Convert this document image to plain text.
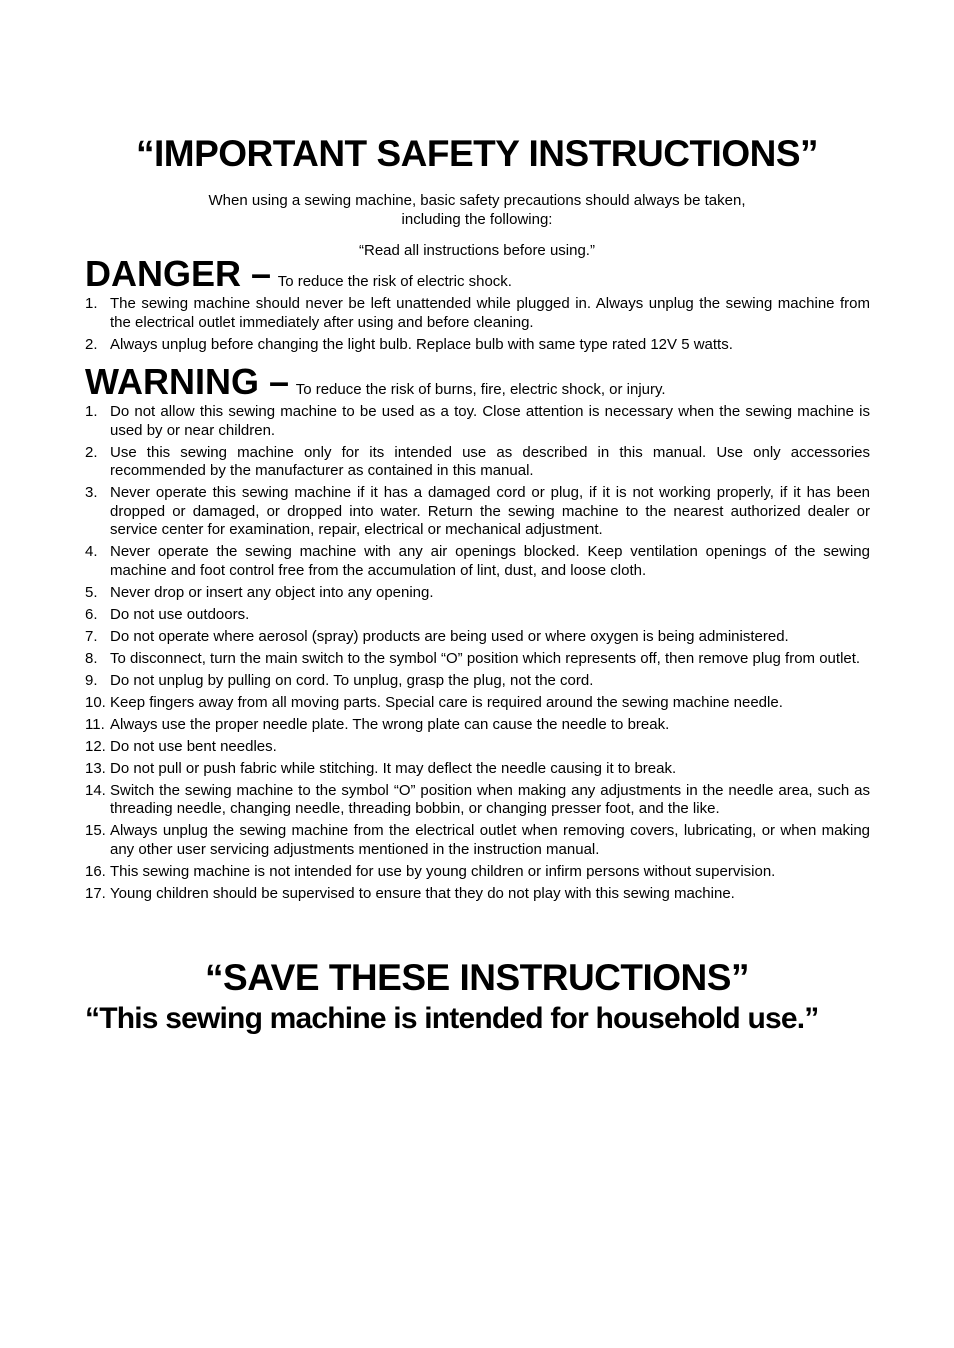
“IMPORTANT SAFETY INSTRUCTIONS”

When using a sewing machine, basic safety precautions should always be taken,

including the following:

“Read all instructions before using.”

DANGER – To reduce the risk of electric shock.
1. The sewing machine should never be left unattended while plugged in. Always unplug the sewing machine from the electrical outlet immediately after using and before cleaning.
2. Always unplug before changing the light bulb. Replace bulb with same type rated 12V 5 watts.
WARNING – To reduce the risk of burns, fire, electric shock, or injury.
1. Do not allow this sewing machine to be used as a toy. Close attention is necessary when the sewing machine is used by or near children.
2. Use this sewing machine only for its intended use as described in this manual. Use only accessories recommended by the manufacturer as contained in this manual.
3. Never operate this sewing machine if it has a damaged cord or plug, if it is not working properly, if it has been dropped or damaged, or dropped into water. Return the sewing machine to the nearest authorized dealer or service center for examination, repair, electrical or mechanical adjustment.
4. Never operate the sewing machine with any air openings blocked. Keep ventilation openings of the sewing machine and foot control free from the accumulation of lint, dust, and loose cloth.
5. Never drop or insert any object into any opening.
6. Do not use outdoors.
7. Do not operate where aerosol (spray) products are being used or where oxygen is being administered.
8. To disconnect, turn the main switch to the symbol “O” position which represents off, then remove plug from outlet.
9. Do not unplug by pulling on cord. To unplug, grasp the plug, not the cord.
10. Keep fingers away from all moving parts. Special care is required around the sewing machine needle.
11. Always use the proper needle plate. The wrong plate can cause the needle to break.
12. Do not use bent needles.
13. Do not pull or push fabric while stitching. It may deflect the needle causing it to break.
14. Switch the sewing machine to the symbol “O” position when making any adjustments in the needle area, such as threading needle, changing needle, threading bobbin, or changing presser foot, and the like.
15. Always unplug the sewing machine from the electrical outlet when removing covers, lubricating, or when making any other user servicing adjustments mentioned in the instruction manual.
16. This sewing machine is not intended for use by young children or infirm persons without supervision.
17. Young children should be supervised to ensure that they do not play with this sewing machine.
“SAVE THESE INSTRUCTIONS”

“This sewing machine is intended for household use.”
